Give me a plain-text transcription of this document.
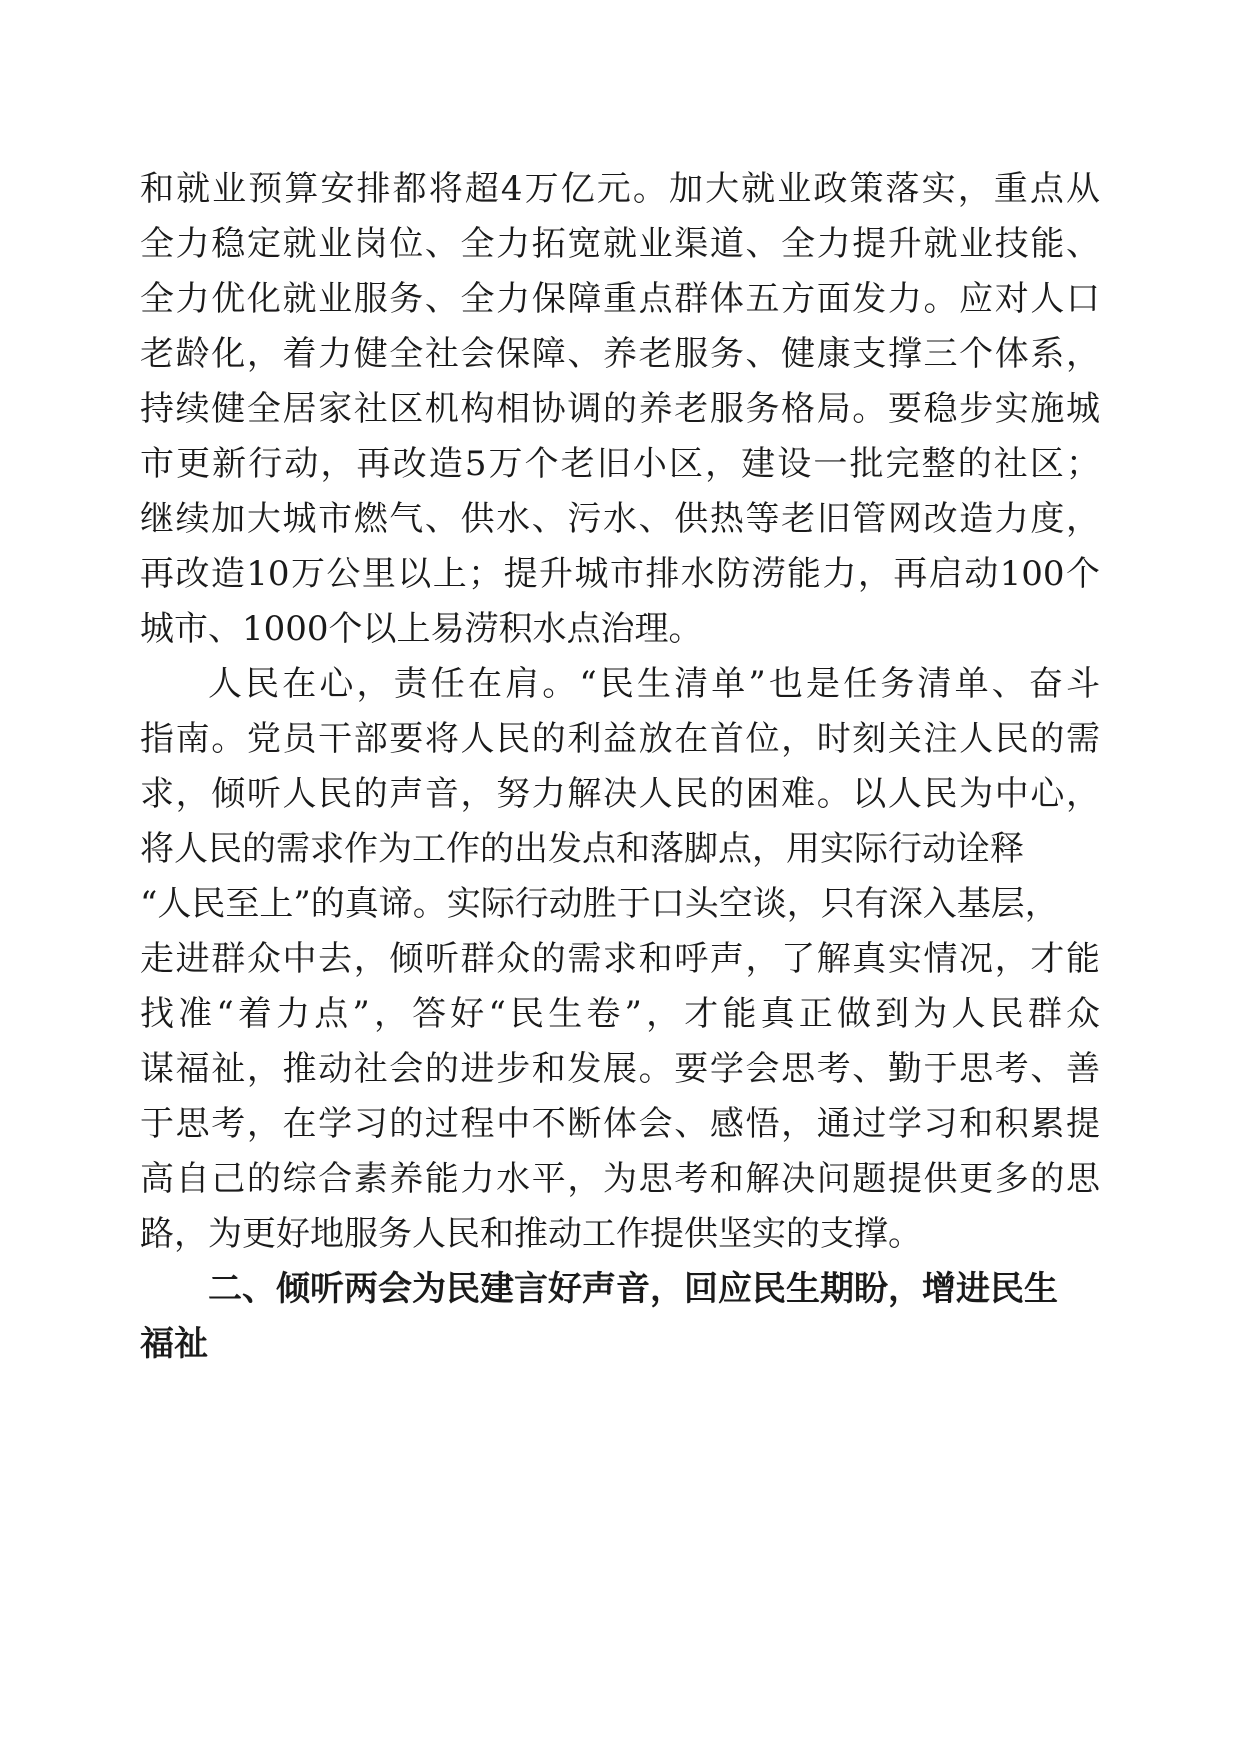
和就业预算安排都将超4万亿元。加大就业政策落实，重点从
全力稳定就业岗位、全力拓宽就业渠道、全力提升就业技能、
全力优化就业服务、全力保障重点群体五方面发力。应对人口
老龄化，着力健全社会保障、养老服务、健康支撑三个体系，
持续健全居家社区机构相协调的养老服务格局。要稳步实施城
市更新行动，再改造5万个老旧小区，建设一批完整的社区；
继续加大城市燃气、供水、污水、供热等老旧管网改造力度，
再改造10万公里以上；提升城市排水防涝能力，再启动100个
城市、1000个以上易涝积水点治理。
人民在心，责任在肩。“民生清单”也是任务清单、奋斗
指南。党员干部要将人民的利益放在首位，时刻关注人民的需
求，倾听人民的声音，努力解决人民的困难。以人民为中心，
将人民的需求作为工作的出发点和落脚点，用实际行动诠释
“人民至上”的真谛。实际行动胜于口头空谈，只有深入基层，
走进群众中去，倾听群众的需求和呼声，了解真实情况，才能
找准“着力点”，答好“民生卷”，才能真正做到为人民群众
谋福祉，推动社会的进步和发展。要学会思考、勤于思考、善
于思考，在学习的过程中不断体会、感悟，通过学习和积累提
高自己的综合素养能力水平，为思考和解决问题提供更多的思
路，为更好地服务人民和推动工作提供坚实的支撑。
二、倾听两会为民建言好声音，回应民生期盼，增进民生
福祉
